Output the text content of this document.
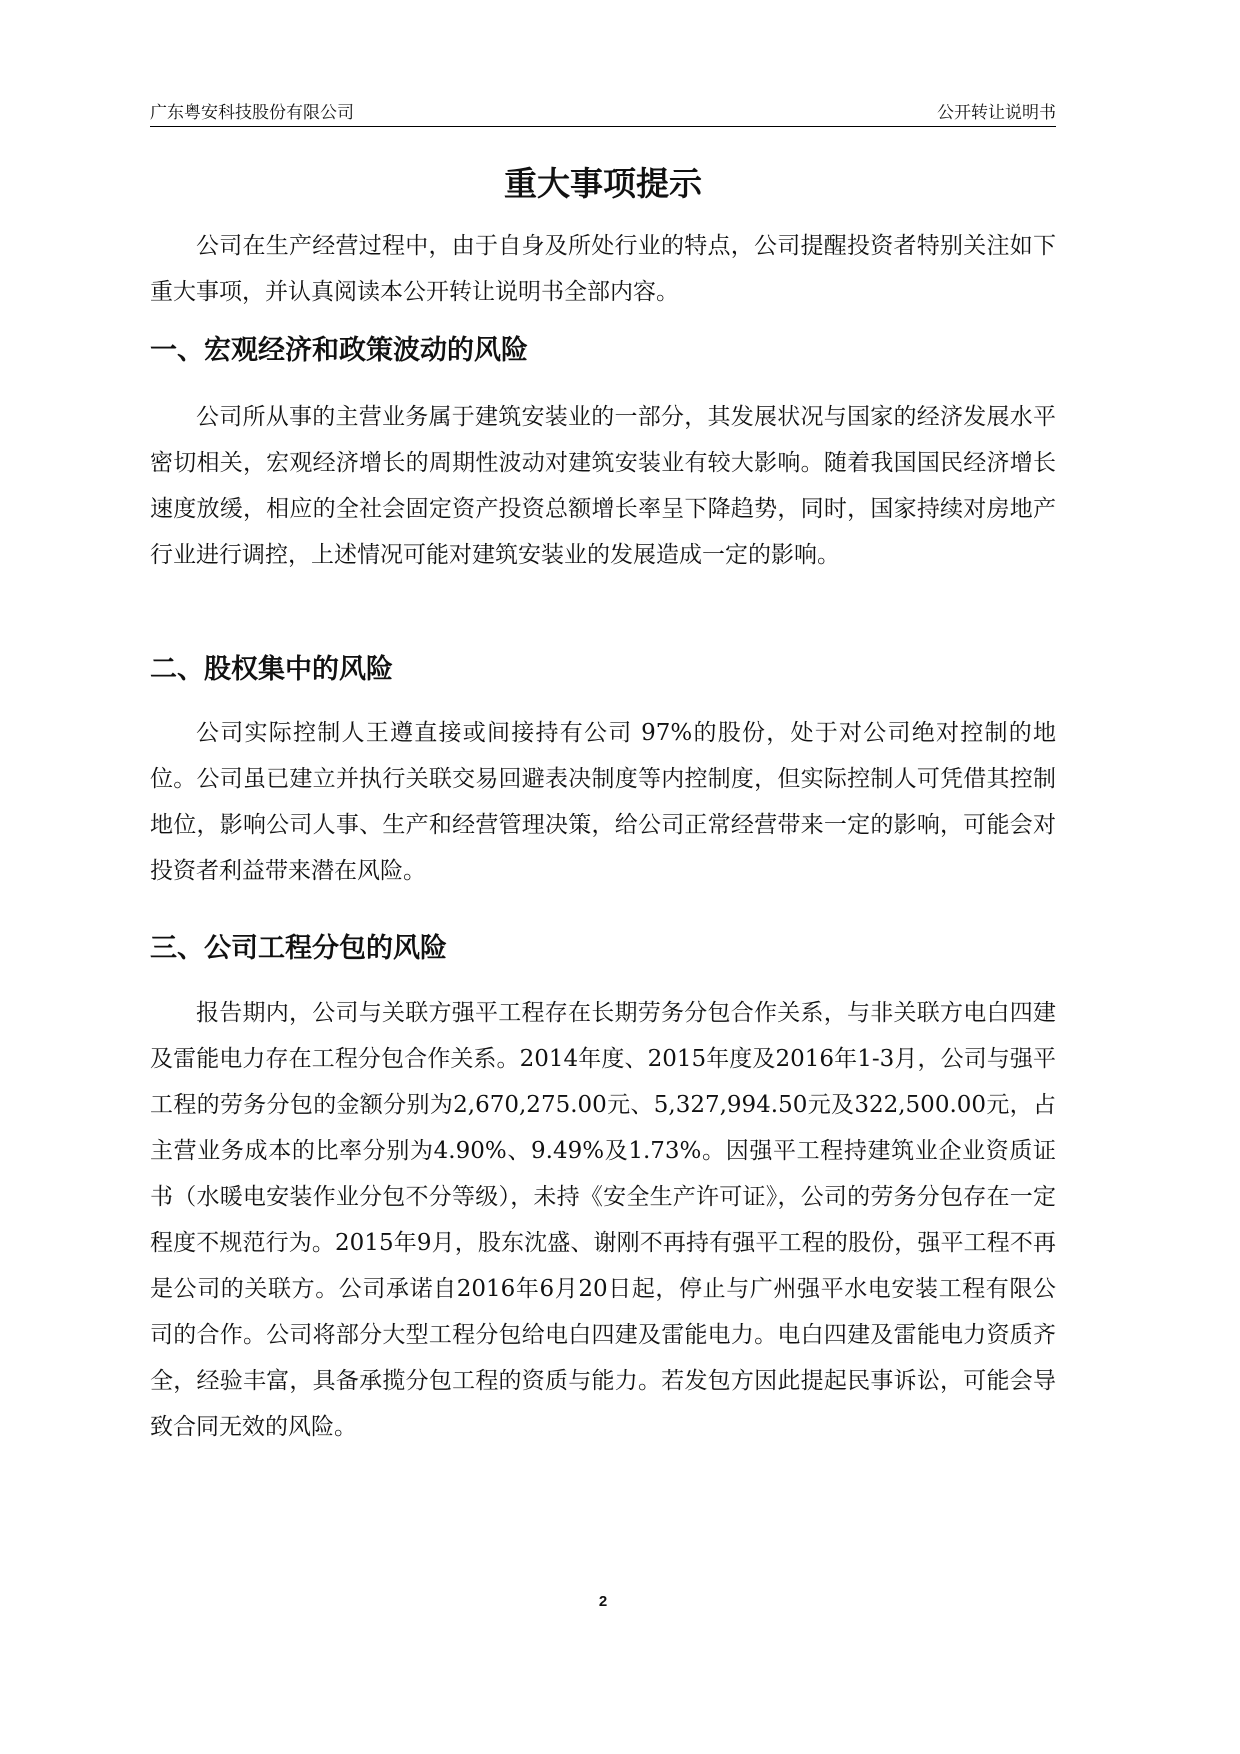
广东粤安科技股份有限公司	公开转让说明书
重大事项提示

公司在生产经营过程中，由于自身及所处行业的特点，公司提醒投资者特别关注如下重大事项，并认真阅读本公开转让说明书全部内容。

一、宏观经济和政策波动的风险

公司所从事的主营业务属于建筑安装业的一部分，其发展状况与国家的经济发展水平密切相关，宏观经济增长的周期性波动对建筑安装业有较大影响。随着我国国民经济增长速度放缓，相应的全社会固定资产投资总额增长率呈下降趋势，同时，国家持续对房地产行业进行调控，上述情况可能对建筑安装业的发展造成一定的影响。

二、股权集中的风险

公司实际控制人王遵直接或间接持有公司 97%的股份，处于对公司绝对控制的地位。公司虽已建立并执行关联交易回避表决制度等内控制度，但实际控制人可凭借其控制地位，影响公司人事、生产和经营管理决策，给公司正常经营带来一定的影响，可能会对投资者利益带来潜在风险。

三、公司工程分包的风险

报告期内，公司与关联方强平工程存在长期劳务分包合作关系，与非关联方电白四建及雷能电力存在工程分包合作关系。2014年度、2015年度及2016年1-3月，公司与强平工程的劳务分包的金额分别为2,670,275.00元、5,327,994.50元及322,500.00元，占主营业务成本的比率分别为4.90%、9.49%及1.73%。因强平工程持建筑业企业资质证书（水暖电安装作业分包不分等级），未持《安全生产许可证》，公司的劳务分包存在一定程度不规范行为。2015年9月，股东沈盛、谢刚不再持有强平工程的股份，强平工程不再是公司的关联方。公司承诺自2016年6月20日起，停止与广州强平水电安装工程有限公司的合作。公司将部分大型工程分包给电白四建及雷能电力。电白四建及雷能电力资质齐全，经验丰富，具备承揽分包工程的资质与能力。若发包方因此提起民事诉讼，可能会导致合同无效的风险。

2
